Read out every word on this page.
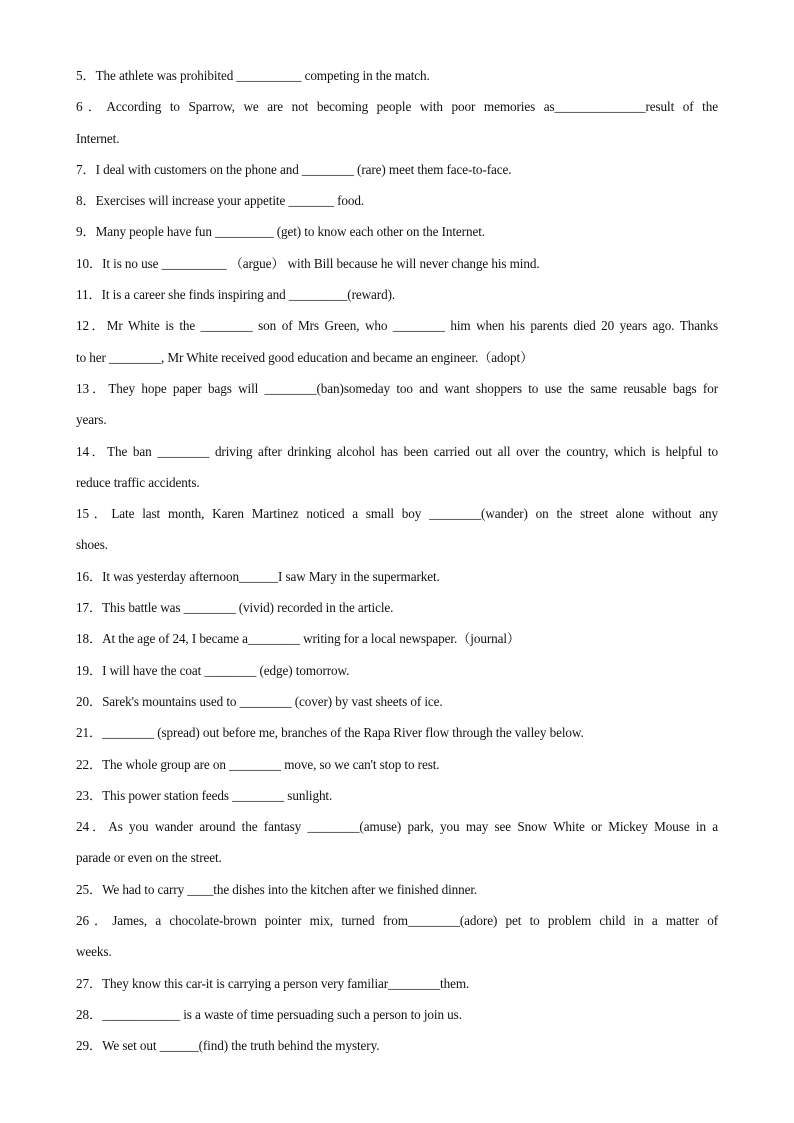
5．The athlete was prohibited __________ competing in the match.
6．According to Sparrow, we are not becoming people with poor memories as______________result of the
Internet.
7．I deal with customers on the phone and ________ (rare) meet them face-to-face.
8．Exercises will increase your appetite _______ food.
9．Many people have fun _________ (get) to know each other on the Internet.
10．It is no use __________ （argue） with Bill because he will never change his mind.
11．It is a career she finds inspiring and _________(reward).
12．Mr White is the ________ son of Mrs Green, who ________ him when his parents died 20 years ago. Thanks
to her ________, Mr White received good education and became an engineer.（adopt）
13．They hope paper bags will ________(ban)someday too and want shoppers to use the same reusable bags for
years.
14．The ban ________ driving after drinking alcohol has been carried out all over the country, which is helpful to
reduce traffic accidents.
15．Late last month, Karen Martinez noticed a small boy ________(wander) on the street alone without any
shoes.
16．It was yesterday afternoon______I saw Mary in the supermarket.
17．This battle was ________ (vivid) recorded in the article.
18．At the age of 24, I became a________ writing for a local newspaper.（journal）
19．I will have the coat ________ (edge) tomorrow.
20．Sarek's mountains used to ________ (cover) by vast sheets of ice.
21．________ (spread) out before me, branches of the Rapa River flow through the valley below.
22．The whole group are on ________ move, so we can't stop to rest.
23．This power station feeds ________ sunlight.
24．As you wander around the fantasy ________(amuse) park, you may see Snow White or Mickey Mouse in a
parade or even on the street.
25．We had to carry ____the dishes into the kitchen after we finished dinner.
26．James, a chocolate-brown pointer mix, turned from________(adore) pet to problem child in a matter of
weeks.
27．They know this car-it is carrying a person very familiar________them.
28．____________ is a waste of time persuading such a person to join us.
29．We set out ______(find) the truth behind the mystery.
